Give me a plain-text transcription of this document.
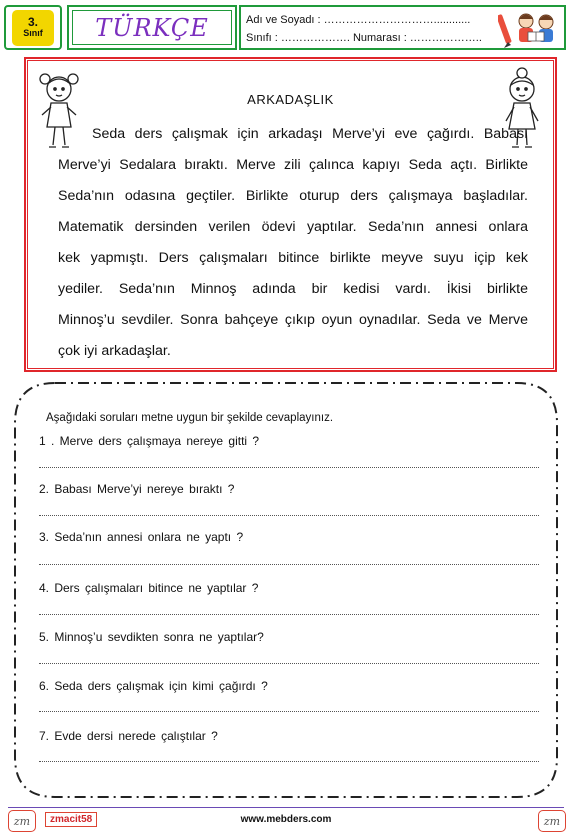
3.
Sınıf	TÜRKÇE	Adı ve Soyadı : …………………………............
Sınıfı : ………………. Numarası : ………………..
ARKADAŞLIK
Seda ders çalışmak için arkadaşı Merve’yi eve çağırdı. Babası
Merve’yi Sedalara bıraktı. Merve zili çalınca kapıyı Seda açtı. Birlikte
Seda’nın odasına geçtiler. Birlikte oturup ders çalışmaya başladılar.
Matematik dersinden verilen ödevi yaptılar. Seda’nın annesi onlara
kek yapmıştı. Ders çalışmaları bitince birlikte meyve suyu içip kek
yediler. Seda’nın Minnoş adında bir kedisi vardı. İkisi birlikte
Minnoş’u sevdiler. Sonra bahçeye çıkıp oyun oynadılar. Seda ve Merve
çok iyi arkadaşlar.
Aşağıdaki soruları metne uygun bir şekilde cevaplayınız.
1 . Merve ders çalışmaya nereye gitti ?
2. Babası Merve’yi nereye bıraktı ?
3. Seda’nın annesi onlara ne yaptı ?
4. Ders çalışmaları bitince ne yaptılar ?
5. Minnoş’u sevdikten sonra ne yaptılar?
6. Seda ders çalışmak için kimi çağırdı ?
7. Evde dersi nerede çalıştılar ?
zm	zmacit58	www.mebders.com	zm
